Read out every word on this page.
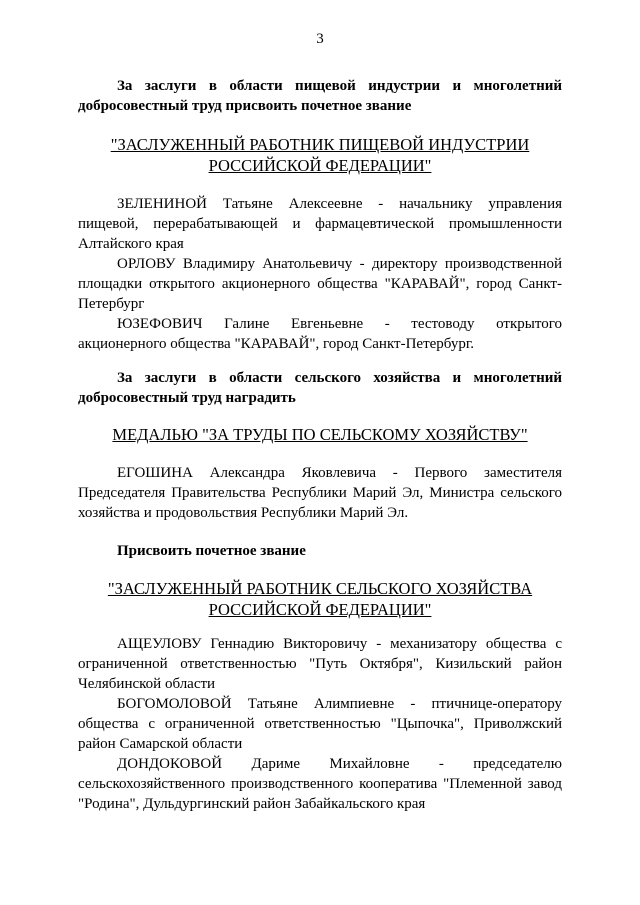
3
За заслуги в области пищевой индустрии и многолетний добросовестный труд присвоить почетное звание
"ЗАСЛУЖЕННЫЙ РАБОТНИК ПИЩЕВОЙ ИНДУСТРИИ
РОССИЙСКОЙ ФЕДЕРАЦИИ"
ЗЕЛЕНИНОЙ Татьяне Алексеевне - начальнику управления пищевой, перерабатывающей и фармацевтической промышленности Алтайского края
ОРЛОВУ Владимиру Анатольевичу - директору производственной площадки открытого акционерного общества "КАРАВАЙ", город Санкт-Петербург
ЮЗЕФОВИЧ Галине Евгеньевне - тестоводу открытого акционерного общества "КАРАВАЙ", город Санкт-Петербург.
За заслуги в области сельского хозяйства и многолетний добросовестный труд наградить
МЕДАЛЬЮ "ЗА ТРУДЫ ПО СЕЛЬСКОМУ ХОЗЯЙСТВУ"
ЕГОШИНА Александра Яковлевича - Первого заместителя Председателя Правительства Республики Марий Эл, Министра сельского хозяйства и продовольствия Республики Марий Эл.
Присвоить почетное звание
"ЗАСЛУЖЕННЫЙ РАБОТНИК СЕЛЬСКОГО ХОЗЯЙСТВА
РОССИЙСКОЙ ФЕДЕРАЦИИ"
АЩЕУЛОВУ Геннадию Викторовичу - механизатору общества с ограниченной ответственностью "Путь Октября", Кизильский район Челябинской области
БОГОМОЛОВОЙ Татьяне Алимпиевне - птичнице-оператору общества с ограниченной ответственностью "Цыпочка", Приволжский район Самарской области
ДОНДОКОВОЙ Дариме Михайловне - председателю сельскохозяйственного производственного кооператива "Племенной завод "Родина", Дульдургинский район Забайкальского края
